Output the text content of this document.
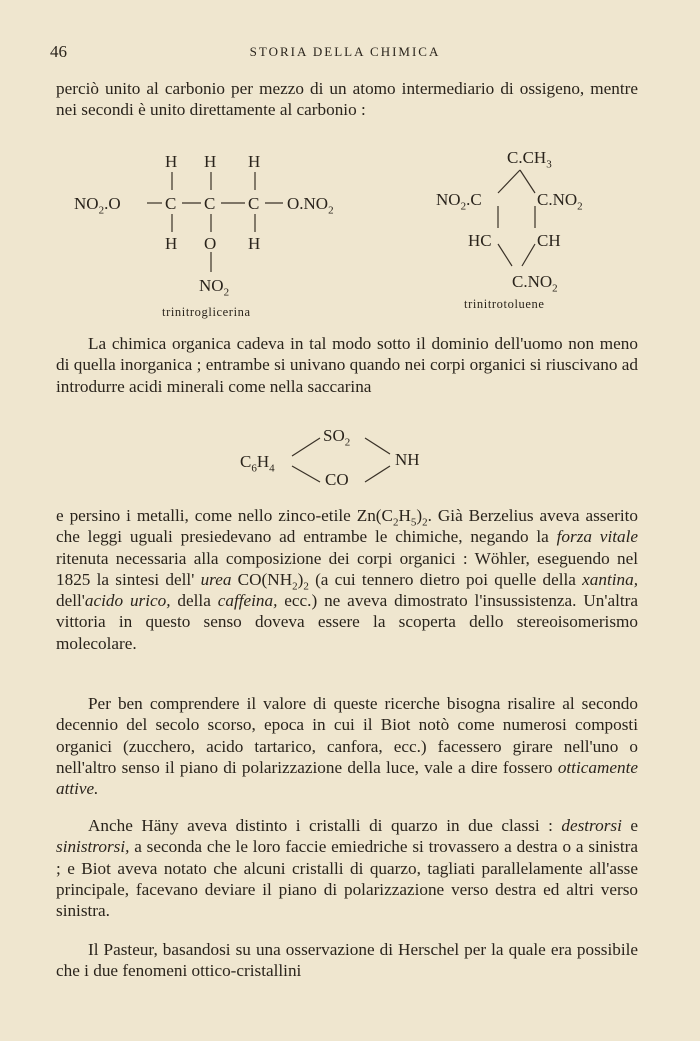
46	STORIA DELLA CHIMICA

perciò unito al carbonio per mezzo di un atomo intermediario di ossigeno, mentre nei secondi è unito direttamente al carbonio :

H H H
$NO_2.O$	C C C $O.NO_2$
H O H
$NO_2$
trinitroglicerina
$C.CH_3$
$NO_2.C$	$C.NO_2$
HC	CH
$C.NO_2$
trinitrotoluene

La chimica organica cadeva in tal modo sotto il dominio dell'uomo non meno di quella inorganica ; entrambe si univano quando nei corpi organici si riuscivano ad introdurre acidi minerali come nella saccarina

$SO_2$
$C_6H_4$	NH
CO

e persino i metalli, come nello zinco-etile $Zn(C_2H_5)_2$. Già Berzelius aveva asserito che leggi uguali presiedevano ad entrambe le chimiche, negando la forza vitale ritenuta necessaria alla composizione dei corpi organici : Wöhler, eseguendo nel 1825 la sintesi dell' urea $CO(NH_2)_2$ (a cui tennero dietro poi quelle della xantina, dell'acido urico, della caffeina, ecc.) ne aveva dimostrato l'insussistenza. Un'altra vittoria in questo senso doveva essere la scoperta dello stereoisomerismo molecolare.

Per ben comprendere il valore di queste ricerche bisogna risalire al secondo decennio del secolo scorso, epoca in cui il Biot notò come numerosi composti organici (zucchero, acido tartarico, canfora, ecc.) facessero girare nell'uno o nell'altro senso il piano di polarizzazione della luce, vale a dire fossero otticamente attive.

Anche Häny aveva distinto i cristalli di quarzo in due classi : destrorsi e sinistrorsi, a seconda che le loro faccie emiedriche si trovassero a destra o a sinistra ; e Biot aveva notato che alcuni cristalli di quarzo, tagliati parallelamente all'asse principale, facevano deviare il piano di polarizzazione verso destra ed altri verso sinistra.

Il Pasteur, basandosi su una osservazione di Herschel per la quale era possibile che i due fenomeni ottico-cristallini
